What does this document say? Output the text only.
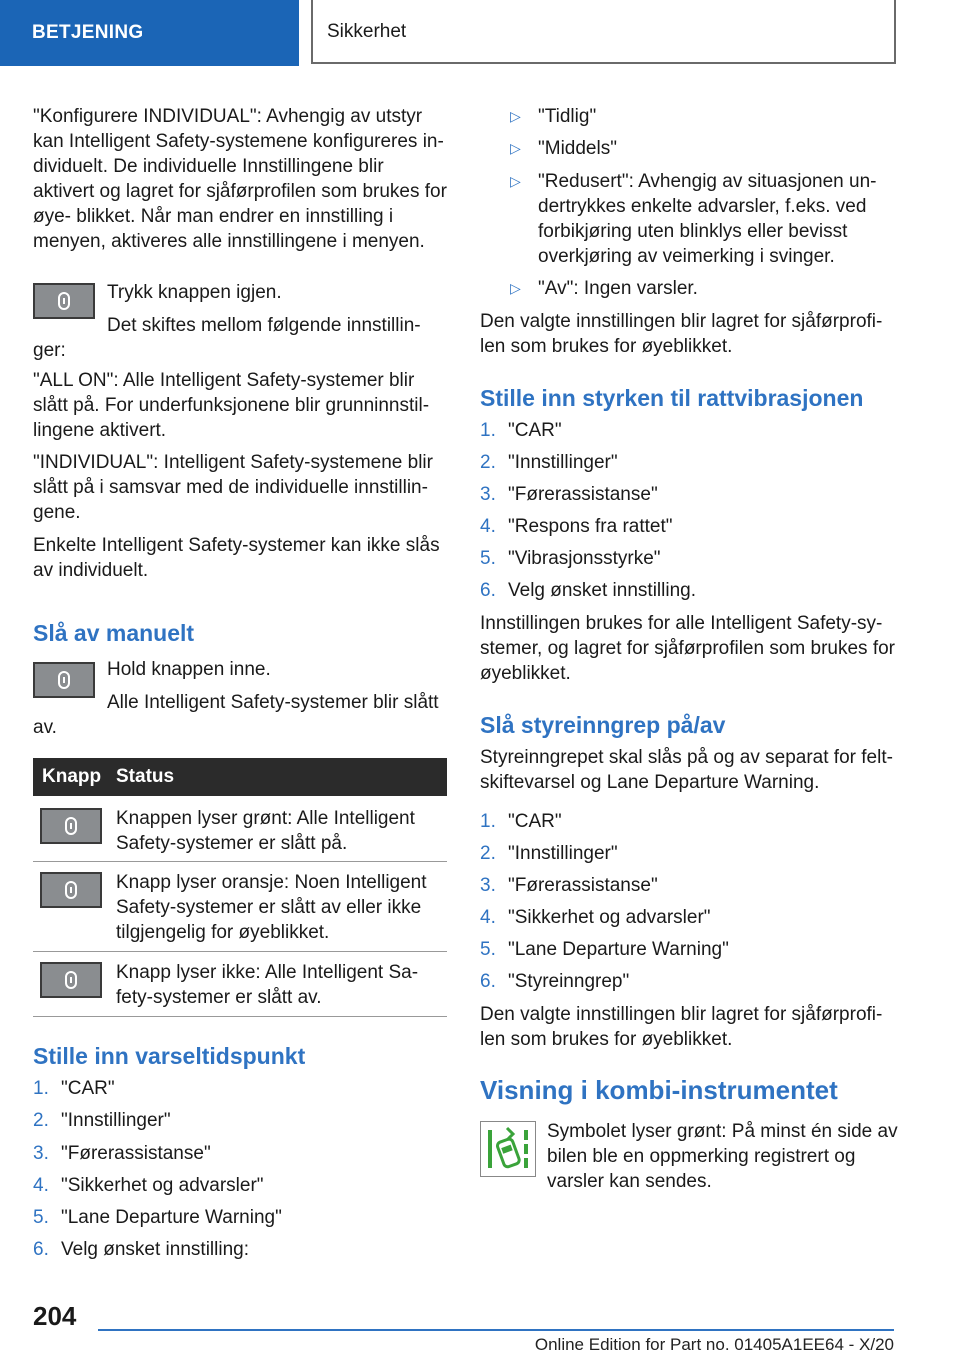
BETJENING	Sikkerhet

"Konfigurere INDIVIDUAL": Avhengig av utstyr kan Intelligent Safety-systemene konfigureres in- dividuelt. De individuelle Innstillingene blir aktivert og lagret for sjåførprofilen som brukes for øye- blikket. Når man endrer en innstilling i menyen, aktiveres alle innstillingene i menyen.

Trykk knappen igjen.

Det skiftes mellom følgende innstillin-

ger:

"ALL ON": Alle Intelligent Safety-systemer blir slått på. For underfunksjonene blir grunninnstil- lingene aktivert.

"INDIVIDUAL": Intelligent Safety-systemene blir slått på i samsvar med de individuelle innstillin- gene.

Enkelte Intelligent Safety-systemer kan ikke slås av individuelt.

Slå av manuelt

Hold knappen inne.

Alle Intelligent Safety-systemer blir slått

av.

Knapp Status

Knappen lyser grønt: Alle Intelligent Safety-systemer er slått på.

Knapp lyser oransje: Noen Intelligent Safety-systemer er slått av eller ikke tilgjengelig for øyeblikket.

Knapp lyser ikke: Alle Intelligent Sa- fety-systemer er slått av.

Stille inn varseltidspunkt
1. "CAR"
2. "Innstillinger"
3. "Førerassistanse"
4. "Sikkerhet og advarsler"
5. "Lane Departure Warning"
6. Velg ønsket innstilling:
▷ "Tidlig"
▷ "Middels"
▷ "Redusert": Avhengig av situasjonen un- dertrykkes enkelte advarsler, f.eks. ved forbikjøring uten blinklys eller bevisst overkjøring av veimerking i svinger.
▷ "Av": Ingen varsler.

Den valgte innstillingen blir lagret for sjåførprofi- len som brukes for øyeblikket.

Stille inn styrken til rattvibrasjonen
1. "CAR"
2. "Innstillinger"
3. "Førerassistanse"
4. "Respons fra rattet"
5. "Vibrasjonsstyrke"
6. Velg ønsket innstilling.

Innstillingen brukes for alle Intelligent Safety-sy- stemer, og lagret for sjåførprofilen som brukes for øyeblikket.

Slå styreinngrep på/av

Styreinngrepet skal slås på og av separat for felt- skiftevarsel og Lane Departure Warning.

1. "CAR"
2. "Innstillinger"
3. "Førerassistanse"
4. "Sikkerhet og advarsler"
5. "Lane Departure Warning"
6. "Styreinngrep"

Den valgte innstillingen blir lagret for sjåførprofi- len som brukes for øyeblikket.

Visning i kombi-instrumentet

Symbolet lyser grønt: På minst én side av bilen ble en oppmerking registrert og varsler kan sendes.

204
Online Edition for Part no. 01405A1EE64 - X/20
